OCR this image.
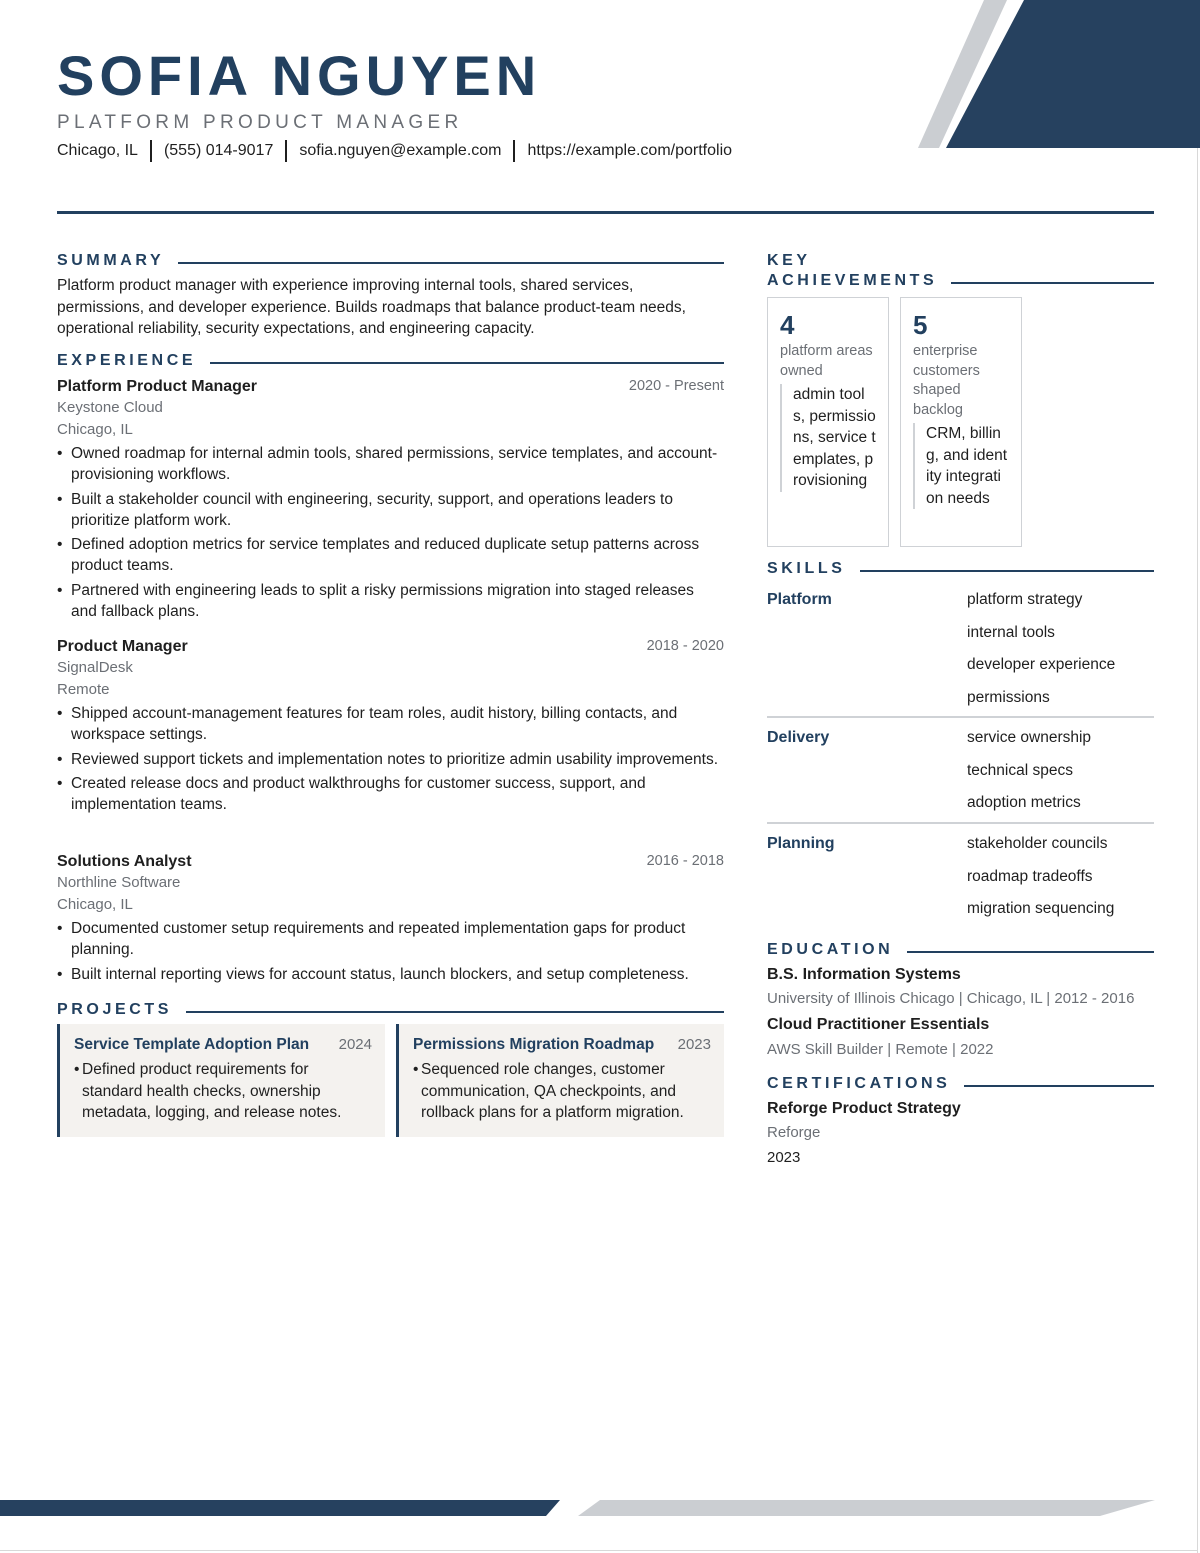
SOFIA NGUYEN
PLATFORM PRODUCT MANAGER
Chicago, IL (555) 014-9017 sofia.nguyen@example.com https://example.com/portfolio
SUMMARY
Platform product manager with experience improving internal tools, shared services, permissions, and developer experience. Builds roadmaps that balance product-team needs, operational reliability, security expectations, and engineering capacity.
EXPERIENCE
Platform Product Manager	2020 - Present
Keystone Cloud
Chicago, IL
• Owned roadmap for internal admin tools, shared permissions, service templates, and account-provisioning workflows.
• Built a stakeholder council with engineering, security, support, and operations leaders to prioritize platform work.
• Defined adoption metrics for service templates and reduced duplicate setup patterns across product teams.
• Partnered with engineering leads to split a risky permissions migration into staged releases and fallback plans.
Product Manager	2018 - 2020
SignalDesk
Remote
• Shipped account-management features for team roles, audit history, billing contacts, and workspace settings.
• Reviewed support tickets and implementation notes to prioritize admin usability improvements.
• Created release docs and product walkthroughs for customer success, support, and implementation teams.
Solutions Analyst	2016 - 2018
Northline Software
Chicago, IL
• Documented customer setup requirements and repeated implementation gaps for product planning.
• Built internal reporting views for account status, launch blockers, and setup completeness.
PROJECTS
Service Template Adoption Plan	2024
• Defined product requirements for standard health checks, ownership metadata, logging, and release notes.
Permissions Migration Roadmap	2023
• Sequenced role changes, customer communication, QA checkpoints, and rollback plans for a platform migration.
KEY
ACHIEVEMENTS
4
platform areas owned
admin tools, permissions, service templates, provisioning
5
enterprise customers shaped backlog
CRM, billing, and identity integration needs
SKILLS
Platform	platform strategy
internal tools
developer experience
permissions
Delivery	service ownership
technical specs
adoption metrics
Planning	stakeholder councils
roadmap tradeoffs
migration sequencing
EDUCATION
B.S. Information Systems
University of Illinois Chicago | Chicago, IL | 2012 - 2016
Cloud Practitioner Essentials
AWS Skill Builder | Remote | 2022
CERTIFICATIONS
Reforge Product Strategy
Reforge
2023
